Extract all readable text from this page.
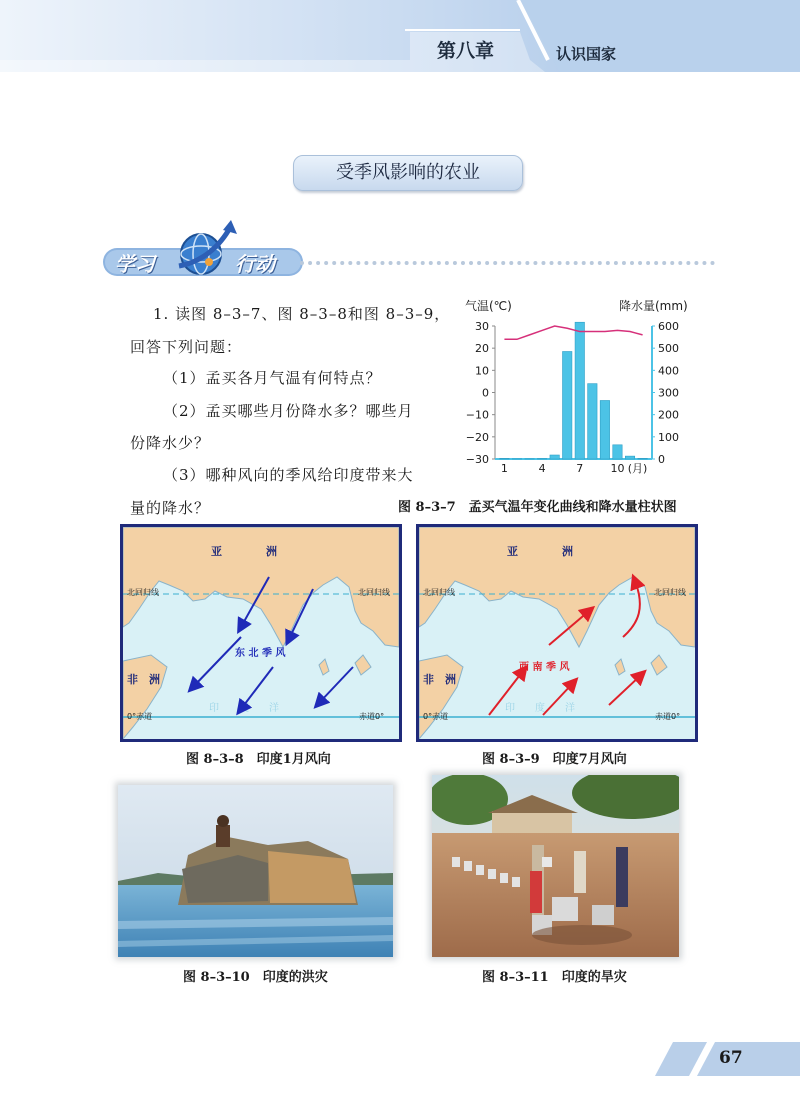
第八章	认识国家
受季风影响的农业
学习	行动
1. 读图 8–3–7、图 8–3–8和图 8–3–9，
回答下列问题：
（1）孟买各月气温有何特点？
（2）孟买哪些月份降水多？哪些月
份降水少？
（3）哪种风向的季风给印度带来大
量的降水？
气温(℃)	降水量(mm)
30
20
10
0
−10
−20
−30
600
500
400
300
200
100
0
1	4	7 10 (月)
图 8–3–7　孟买气温年变化曲线和降水量柱状图
亚　　　　洲
北回归线	北回归线
非　洲
东 北 季 风
印　　度　　洋
0°赤道	赤道0°
图 8–3–8　印度1月风向
亚　　　　洲
北回归线	北回归线
非　洲
西 南 季 风
印　　度　　洋
0°赤道	赤道0°
图 8–3–9　印度7月风向
图 8–3–10　印度的洪灾	图 8–3–11　印度的旱灾
67
